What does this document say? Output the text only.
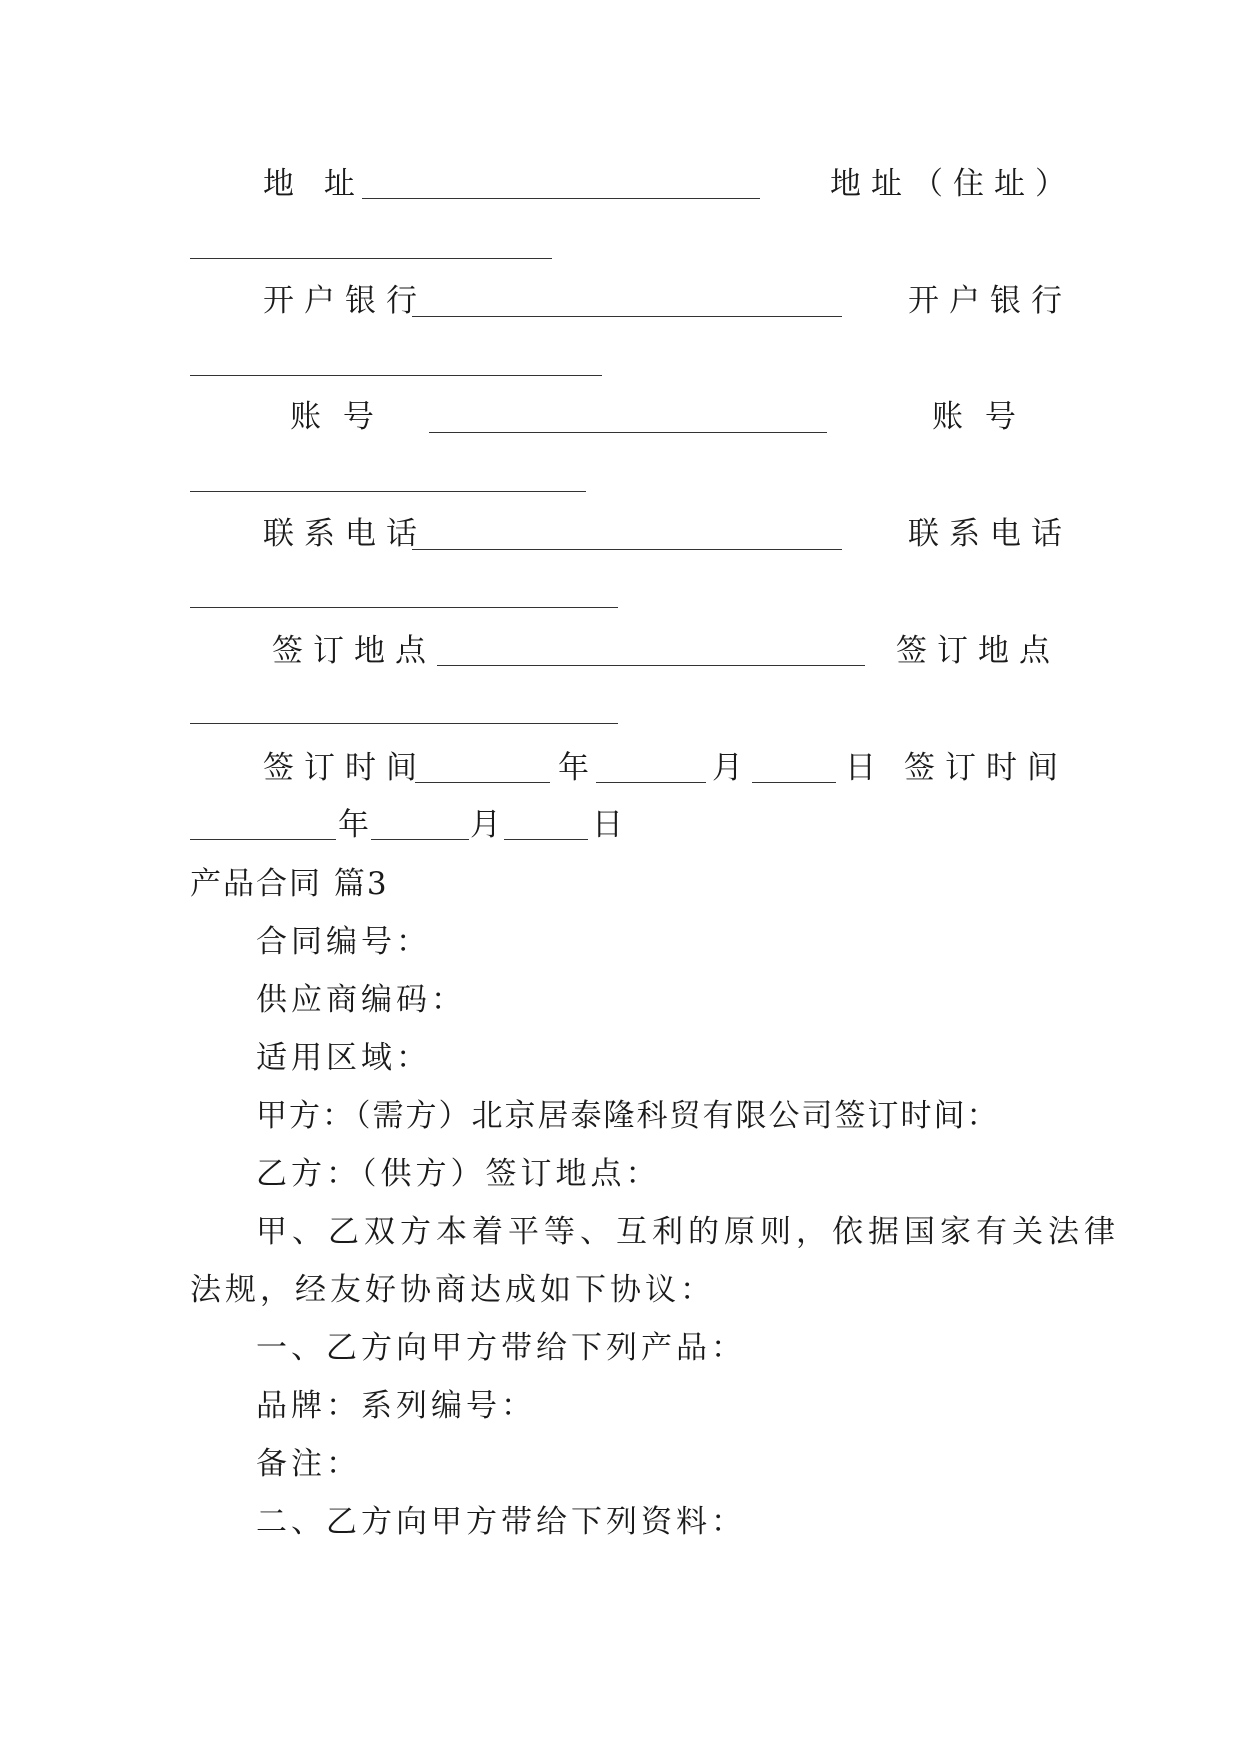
地 址	地址（住址）
开户银行	开户银行
账 号	账 号
联系电话	联系电话
签订地点	签订地点
签订时间	年	月	日 签订时间
年	月	日
产品合同 篇3
合同编号：
供应商编码：
适用区域：
甲方：（需方）北京居泰隆科贸有限公司签订时间：
乙方：（供方）签订地点：
甲、乙双方本着平等、互利的原则，依据国家有关法律
法规，经友好协商达成如下协议：
一、乙方向甲方带给下列产品：
品牌：系列编号：
备注：
二、乙方向甲方带给下列资料：
